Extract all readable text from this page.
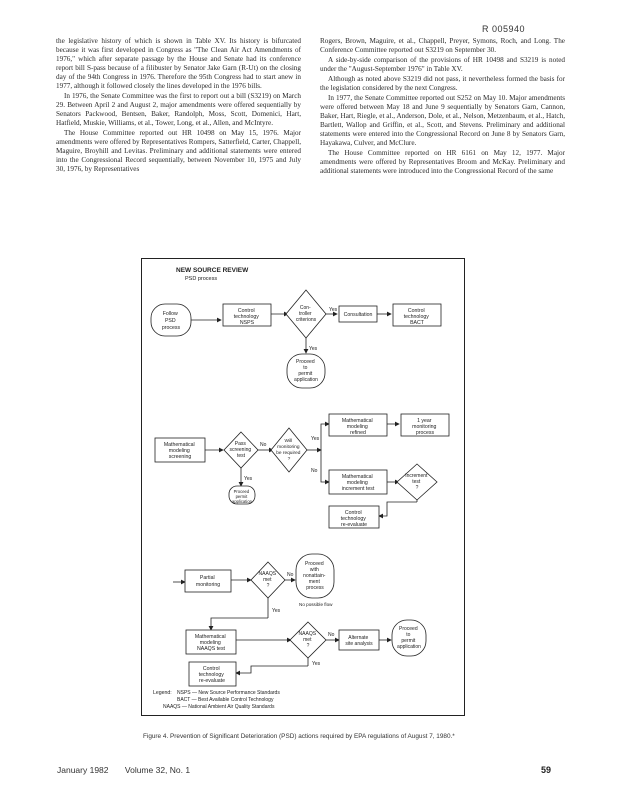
R 005940

the legislative history of which is shown in Table XV. Its history is bifurcated because it was first developed in Congress as "The Clean Air Act Amendments of 1976," which after separate passage by the House and Senate had its conference report bill S-pass because of a filibuster by Senator Jake Garn (R-Ut) on the closing day of the 94th Congress in 1976. Therefore the 95th Congress had to start anew in 1977, although it followed closely the lines developed in the 1976 bills.

In 1976, the Senate Committee was the first to report out a bill (S3219) on March 29. Between April 2 and August 2, major amendments were offered sequentially by Senators Packwood, Bentsen, Baker, Randolph, Moss, Scott, Domenici, Hart, Hatfield, Muskie, Williams, et al., Tower, Long, et al., Allen, and McIntyre.

The House Committee reported out HR 10498 on May 15, 1976. Major amendments were offered by Representatives Rompers, Satterfield, Carter, Chappell, Maguire, Broyhill and Levitas. Preliminary and additional statements were entered into the Congressional Record sequentially, between November 10, 1975 and July 30, 1976, by Representatives

Rogers, Brown, Maguire, et al., Chappell, Preyer, Symons, Roch, and Long. The Conference Committee reported out S3219 on September 30.

A side-by-side comparison of the provisions of HR 10498 and S3219 is noted under the "August-September 1976" in Table XV.

Although as noted above S3219 did not pass, it nevertheless formed the basis for the legislation considered by the next Congress.

In 1977, the Senate Committee reported out S252 on May 10. Major amendments were offered between May 18 and June 9 sequentially by Senators Garn, Cannon, Baker, Hart, Riegle, et al., Anderson, Dole, et al., Nelson, Metzenbaum, et al., Hatch, Bartlett, Wallop and Griffin, et al., Scott, and Stevens. Preliminary and additional statements were entered into the Congressional Record on June 8 by Senators Garn, Hayakawa, Culver, and McClure.

The House Committee reported on HR 6161 on May 12, 1977. Major amendments were offered by Representatives Broom and McKay. Preliminary and additional statements were introduced into the Congressional Record of the same

NEW SOURCE REVIEW
PSD process
Follow PSD process
Control technology NSPS
Con- troller criterions
Yes
Yes
Consultation
Control technology BACT
Proceed to permit application
Mathematical modeling screening
Pass screening test
No
Yes
Will monitoring be required ?
Yes
No
Proceed permit application
Mathematical modeling refined
1 year monitoring process
Mathematical modeling increment test
Increment test ?
Control technology re-evaluate
Partial monitoring
NAAQS met ?
No
Yes
Proceed with nonattain- ment process
No possible flow
Mathematical modeling NAAQS test
NAAQS met ?
No
Yes
Alternate site analysis
Proceed to permit application
Control technology re-evaluate
Legend: NSPS — New Source Performance Standards
BACT — Best Available Control Technology
NAAQS — National Ambient Air Quality Standards
Figure 4. Prevention of Significant Deterioration (PSD) actions required by EPA regulations of August 7, 1980.*
January 1982 Volume 32, No. 1	59
